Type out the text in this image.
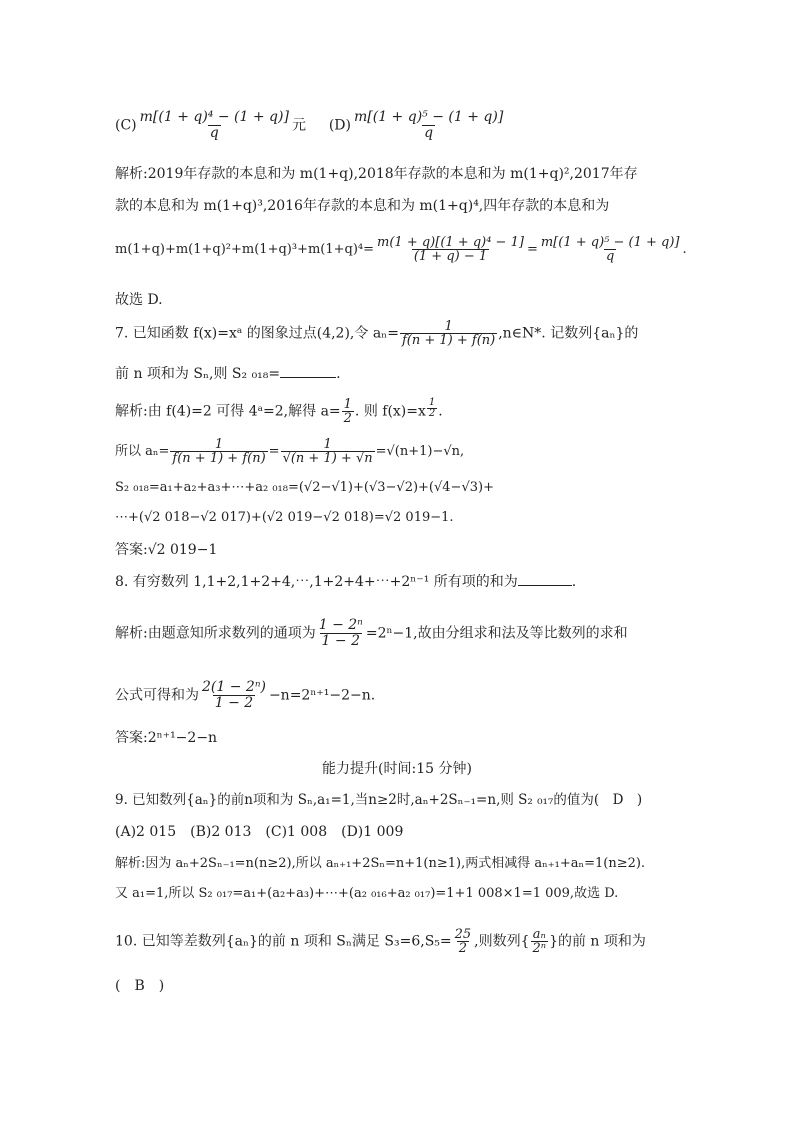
$(C) \frac{\text{m[(1 + q)⁴ − (1 + q)]}}{q}$ 元 $(D) \frac{\text{m[(1 + q)⁵ − (1 + q)]}}{q}$
解析:2019年存款的本息和为 m(1+q),2018年存款的本息和为 m(1+q)²,2017年存
款的本息和为 m(1+q)³,2016年存款的本息和为 m(1+q)⁴,四年存款的本息和为
$m(1+q)+m(1+q)^2+m(1+q)^3+m(1+q)^4= \frac{\text{m(1 + q)[(1 + q)⁴ − 1]}}{(1 + q) - 1} = \frac{\text{m[(1 + q)⁵ − (1 + q)]}}{q}$ .
故选 D.
7. 已知函数 f(x)=xᵃ 的图象过点(4,2),令 $a_n= \frac{1}{f(n + 1) + f(n)}$ ,n∈N*. 记数列{aₙ}的
前 n 项和为 Sₙ,则 S₂ ₀₁₈=	.
解析:由 f(4)=2 可得 4ᵃ=2,解得 $a= \frac{1}{2}$ . 则 $f(x)=x \frac{1}{2}$ .
所以 $a_n= \frac{1}{f(n + 1) + f(n)} = \frac{1}{√(n + 1) + √n} =√(n+1)-√n$,
S₂ ₀₁₈=a₁+a₂+a₃+⋯+a₂ ₀₁₈=(√2−√1)+(√3−√2)+(√4−√3)+
⋯+(√2 018−√2 017)+(√2 019−√2 018)=√2 019−1.
答案:√2 019−1
8. 有穷数列 1,1+2,1+2+4,⋯,1+2+4+⋯+2ⁿ⁻¹ 所有项的和为	.
解析:由题意知所求数列的通项为 $\frac{\text{1 − 2ⁿ}}{1 - 2} =2^n-1$,故由分组求和法及等比数列的求和
公式可得和为 $\frac{\text{2(1 − 2ⁿ)}}{1 - 2} -n=2^{n+1}-2-n$.
答案:2ⁿ⁺¹−2−n
能力提升(时间:15 分钟)
9. 已知数列{aₙ}的前n项和为 Sₙ,a₁=1,当n≥2时,aₙ+2Sₙ₋₁=n,则 S₂ ₀₁₇的值为(　D　)
(A)2 015　(B)2 013　(C)1 008　(D)1 009
解析:因为 aₙ+2Sₙ₋₁=n(n≥2),所以 aₙ₊₁+2Sₙ=n+1(n≥1),两式相减得 aₙ₊₁+aₙ=1(n≥2).
又 a₁=1,所以 S₂ ₀₁₇=a₁+(a₂+a₃)+⋯+(a₂ ₀₁₆+a₂ ₀₁₇)=1+1 008×1=1 009,故选 D.
10. 已知等差数列{aₙ}的前 n 项和 Sₙ满足 $S_3=6,S_5= \frac{25}{2}$ ,则数列{ $\frac{\text{aₙ}}{\text{2ⁿ}}$ }的前 n 项和为
(　B　)
